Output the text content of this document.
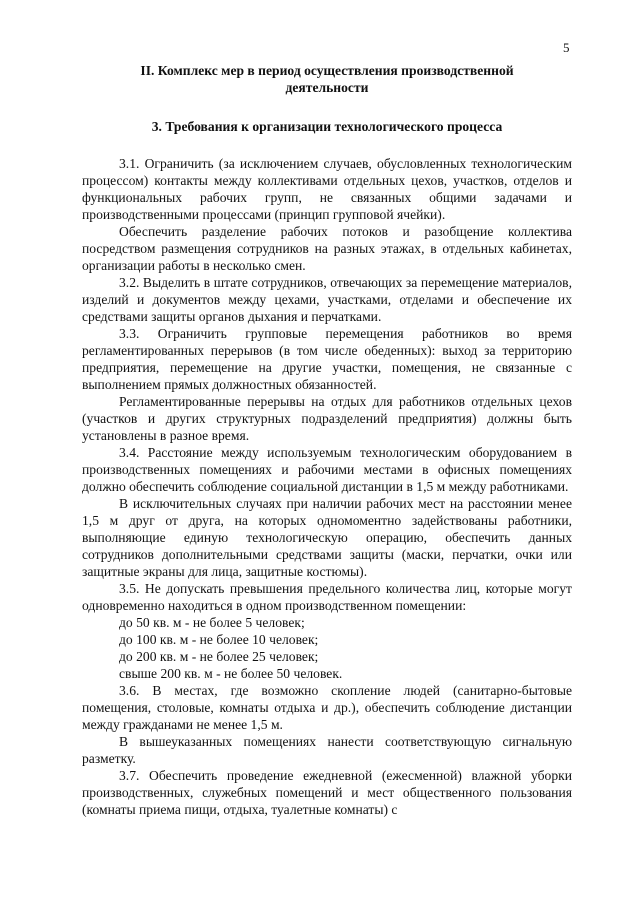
5
II. Комплекс мер в период осуществления производственной
деятельности
3. Требования к организации технологического процесса

3.1. Ограничить (за исключением случаев, обусловленных технологическим процессом) контакты между коллективами отдельных цехов, участков, отделов и функциональных рабочих групп, не связанных общими задачами и производственными процессами (принцип групповой ячейки).

Обеспечить разделение рабочих потоков и разобщение коллектива посредством размещения сотрудников на разных этажах, в отдельных кабинетах, организации работы в несколько смен.

3.2. Выделить в штате сотрудников, отвечающих за перемещение материалов, изделий и документов между цехами, участками, отделами и обеспечение их средствами защиты органов дыхания и перчатками.

3.3. Ограничить групповые перемещения работников во время регламентированных перерывов (в том числе обеденных): выход за территорию предприятия, перемещение на другие участки, помещения, не связанные с выполнением прямых должностных обязанностей.

Регламентированные перерывы на отдых для работников отдельных цехов (участков и других структурных подразделений предприятия) должны быть установлены в разное время.

3.4. Расстояние между используемым технологическим оборудованием в производственных помещениях и рабочими местами в офисных помещениях должно обеспечить соблюдение социальной дистанции в 1,5 м между работниками.

В исключительных случаях при наличии рабочих мест на расстоянии менее 1,5 м друг от друга, на которых одномоментно задействованы работники, выполняющие единую технологическую операцию, обеспечить данных сотрудников дополнительными средствами защиты (маски, перчатки, очки или защитные экраны для лица, защитные костюмы).

3.5. Не допускать превышения предельного количества лиц, которые могут одновременно находиться в одном производственном помещении:

до 50 кв. м - не более 5 человек;

до 100 кв. м - не более 10 человек;

до 200 кв. м - не более 25 человек;

свыше 200 кв. м - не более 50 человек.

3.6. В местах, где возможно скопление людей (санитарно-бытовые помещения, столовые, комнаты отдыха и др.), обеспечить соблюдение дистанции между гражданами не менее 1,5 м.

В вышеуказанных помещениях нанести соответствующую сигнальную разметку.

3.7. Обеспечить проведение ежедневной (ежесменной) влажной уборки производственных, служебных помещений и мест общественного пользования (комнаты приема пищи, отдыха, туалетные комнаты) с
